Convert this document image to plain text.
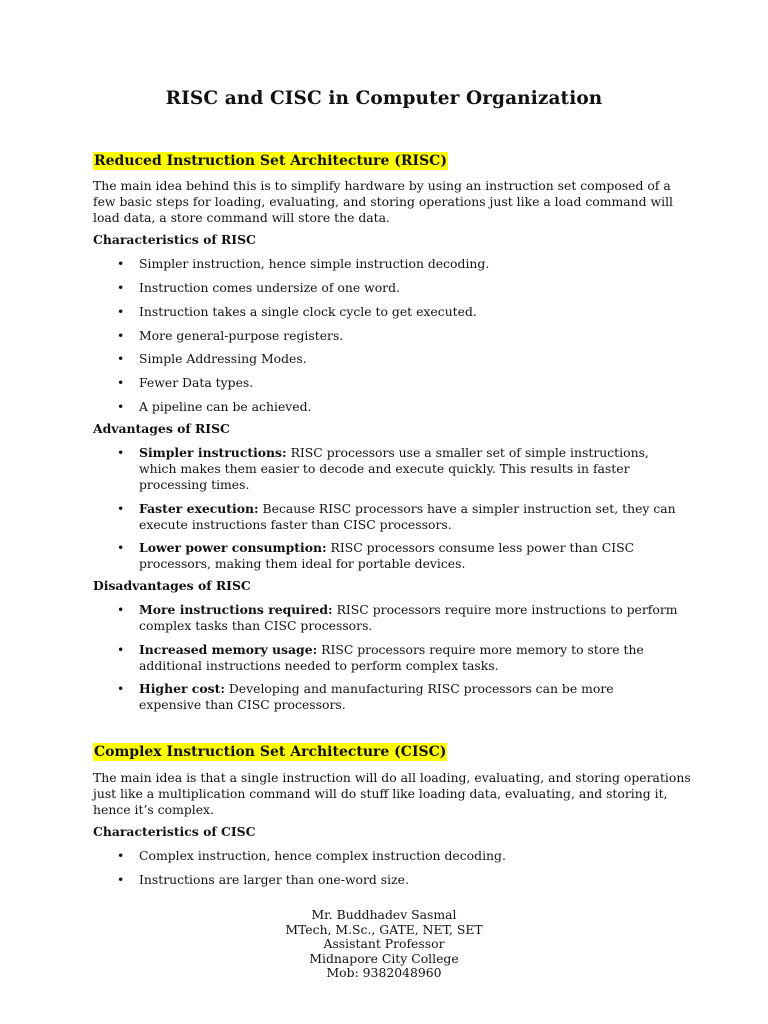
RISC and CISC in Computer Organization
Reduced Instruction Set Architecture (RISC)
The main idea behind this is to simplify hardware by using an instruction set composed of a few basic steps for loading, evaluating, and storing operations just like a load command will load data, a store command will store the data.
Characteristics of RISC
•	Simpler instruction, hence simple instruction decoding.
•	Instruction comes undersize of one word.
•	Instruction takes a single clock cycle to get executed.
•	More general-purpose registers.
•	Simple Addressing Modes.
•	Fewer Data types.
•	A pipeline can be achieved.
Advantages of RISC
•	Simpler instructions: RISC processors use a smaller set of simple instructions, which makes them easier to decode and execute quickly. This results in faster processing times.
•	Faster execution: Because RISC processors have a simpler instruction set, they can execute instructions faster than CISC processors.
•	Lower power consumption: RISC processors consume less power than CISC processors, making them ideal for portable devices.
Disadvantages of RISC
•	More instructions required: RISC processors require more instructions to perform complex tasks than CISC processors.
•	Increased memory usage: RISC processors require more memory to store the additional instructions needed to perform complex tasks.
•	Higher cost: Developing and manufacturing RISC processors can be more expensive than CISC processors.
Complex Instruction Set Architecture (CISC)
The main idea is that a single instruction will do all loading, evaluating, and storing operations just like a multiplication command will do stuff like loading data, evaluating, and storing it, hence it’s complex.
Characteristics of CISC
•	Complex instruction, hence complex instruction decoding.
•	Instructions are larger than one-word size.
Mr. Buddhadev Sasmal
MTech, M.Sc., GATE, NET, SET
Assistant Professor
Midnapore City College
Mob: 9382048960
